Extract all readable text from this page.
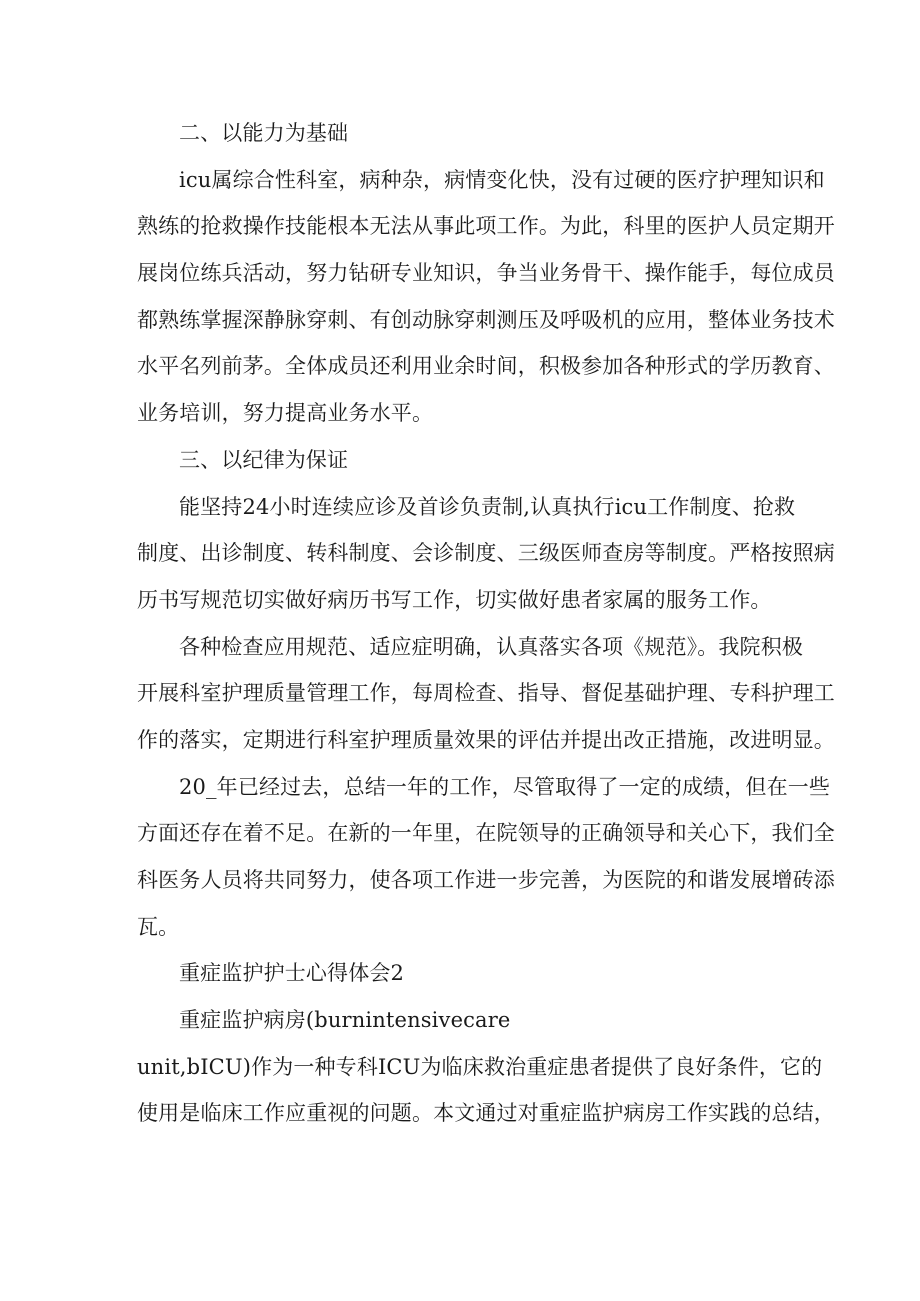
二、以能力为基础
icu属综合性科室，病种杂，病情变化快，没有过硬的医疗护理知识和
熟练的抢救操作技能根本无法从事此项工作。为此，科里的医护人员定期开
展岗位练兵活动，努力钻研专业知识，争当业务骨干、操作能手，每位成员
都熟练掌握深静脉穿刺、有创动脉穿刺测压及呼吸机的应用，整体业务技术
水平名列前茅。全体成员还利用业余时间，积极参加各种形式的学历教育、
业务培训，努力提高业务水平。
三、以纪律为保证
能坚持24小时连续应诊及首诊负责制,认真执行icu工作制度、抢救
制度、出诊制度、转科制度、会诊制度、三级医师查房等制度。严格按照病
历书写规范切实做好病历书写工作，切实做好患者家属的服务工作。
各种检查应用规范、适应症明确，认真落实各项《规范》。我院积极
开展科室护理质量管理工作，每周检查、指导、督促基础护理、专科护理工
作的落实，定期进行科室护理质量效果的评估并提出改正措施，改进明显。
20_年已经过去，总结一年的工作，尽管取得了一定的成绩，但在一些
方面还存在着不足。在新的一年里，在院领导的正确领导和关心下，我们全
科医务人员将共同努力，使各项工作进一步完善，为医院的和谐发展增砖添
瓦。
重症监护护士心得体会2
重症监护病房(burnintensivecare
unit,bICU)作为一种专科ICU为临床救治重症患者提供了良好条件，它的
使用是临床工作应重视的问题。本文通过对重症监护病房工作实践的总结，
